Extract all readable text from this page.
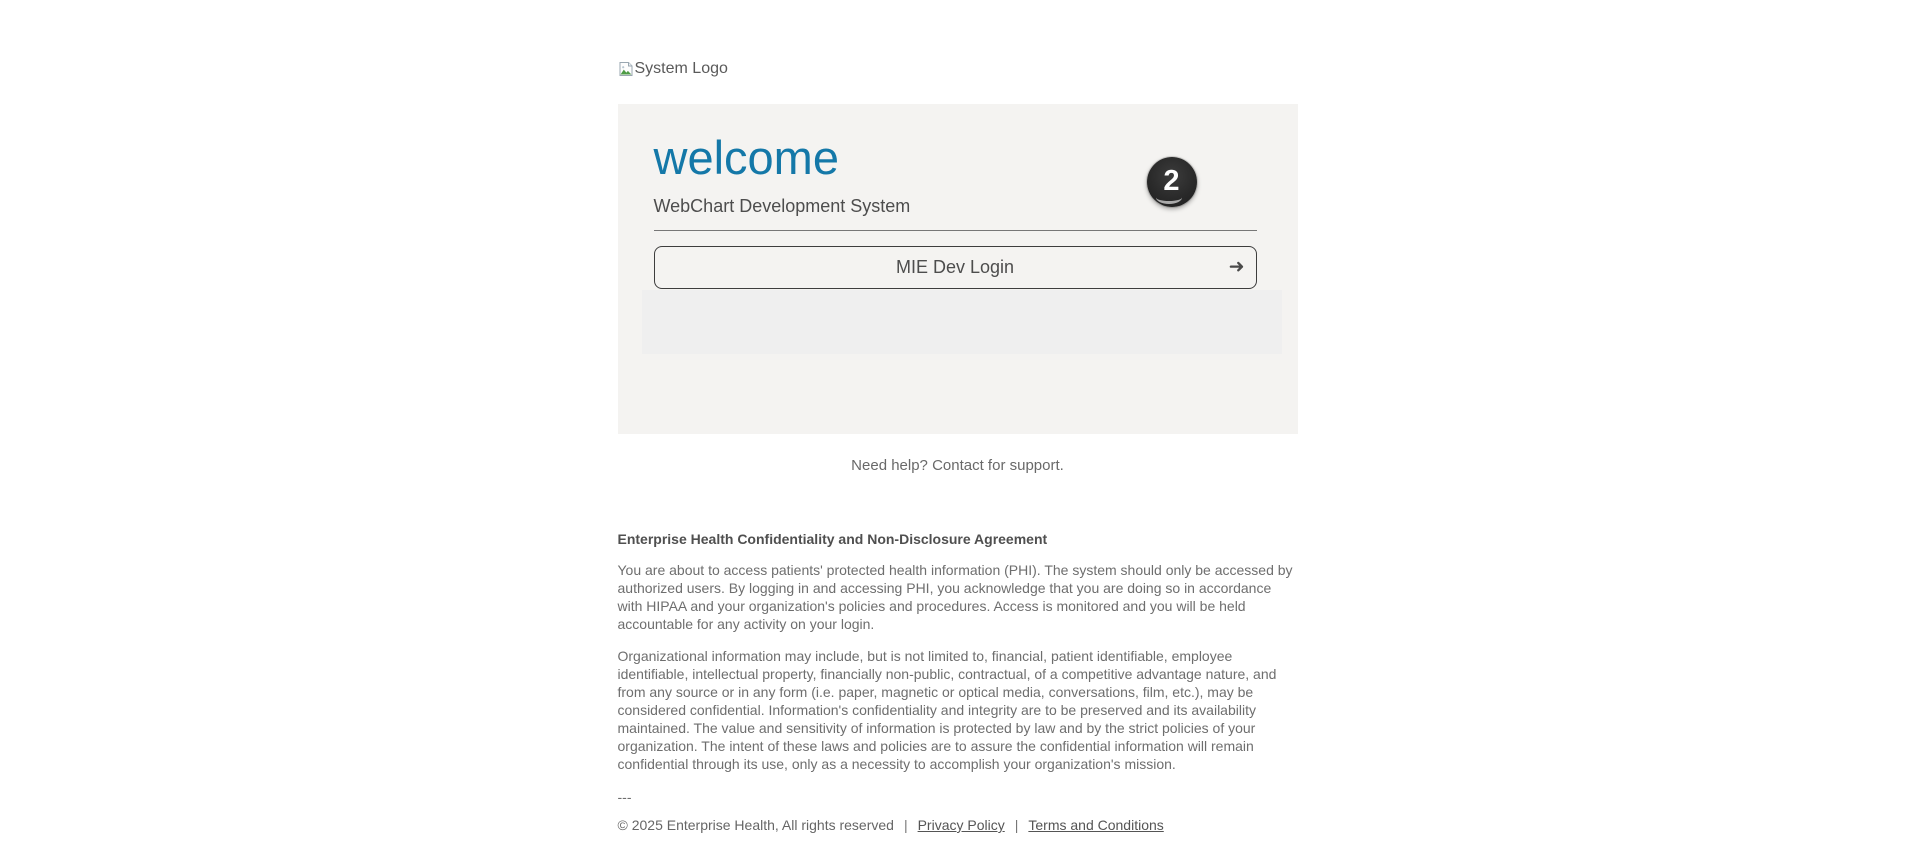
System Logo
welcome
WebChart Development System
MIE Dev Login	➜
2
Need help? Contact for support.
Enterprise Health Confidentiality and Non-Disclosure Agreement

You are about to access patients' protected health information (PHI). The system should only be accessed by authorized users. By logging in and accessing PHI, you acknowledge that you are doing so in accordance with HIPAA and your organization's policies and procedures. Access is monitored and you will be held accountable for any activity on your login.

Organizational information may include, but is not limited to, financial, patient identifiable, employee identifiable, intellectual property, financially non-public, contractual, of a competitive advantage nature, and from any source or in any form (i.e. paper, magnetic or optical media, conversations, film, etc.), may be considered confidential. Information's confidentiality and integrity are to be preserved and its availability maintained. The value and sensitivity of information is protected by law and by the strict policies of your organization. The intent of these laws and policies are to assure the confidential information will remain confidential through its use, only as a necessity to accomplish your organization's mission.

---
© 2025 Enterprise Health, All rights reserved | Privacy Policy | Terms and Conditions
